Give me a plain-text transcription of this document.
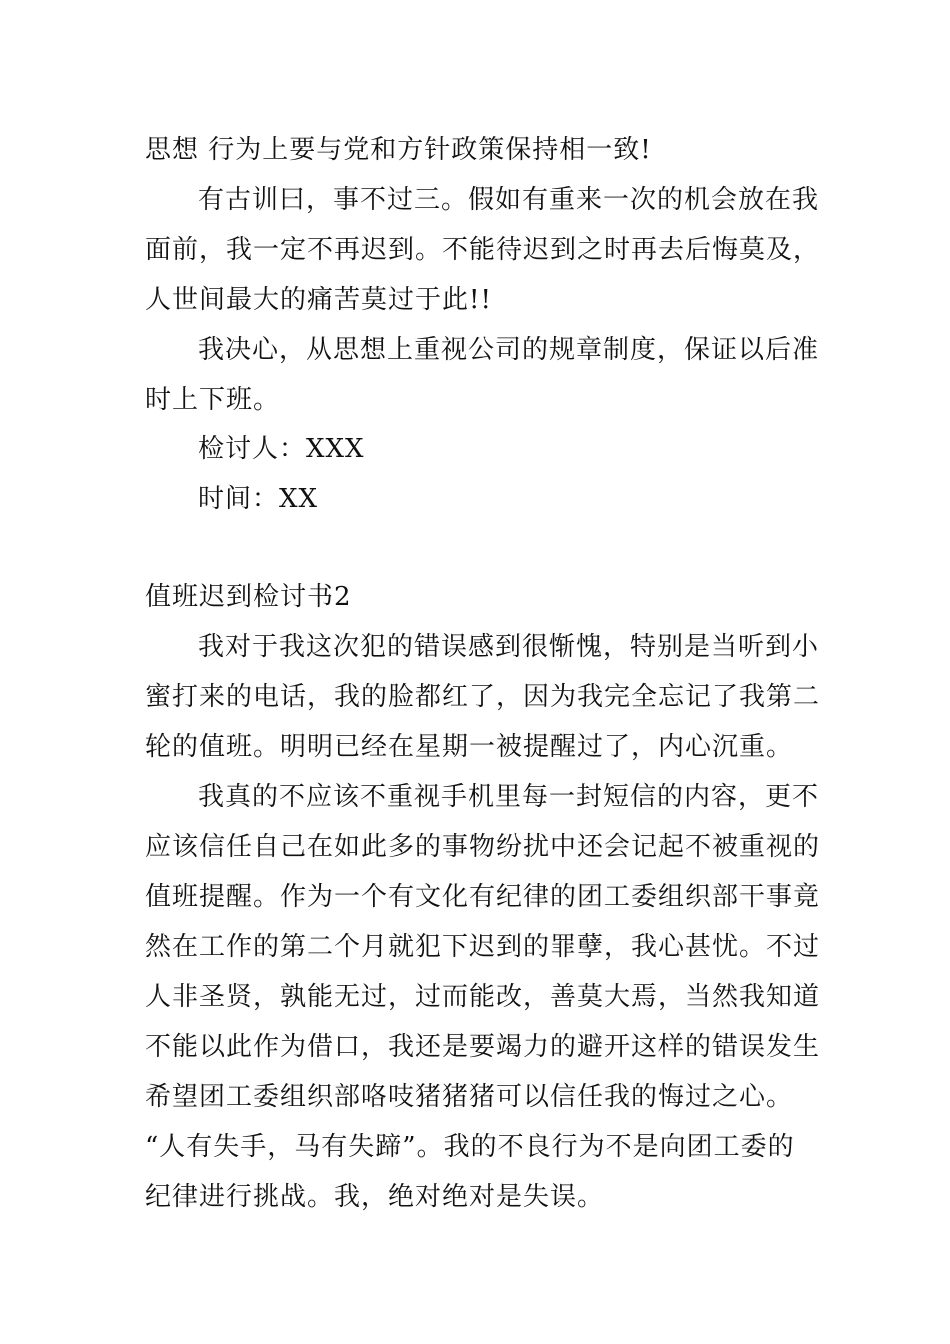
思想 行为上要与党和方针政策保持相一致!
有古训曰，事不过三。假如有重来一次的机会放在我
面前，我一定不再迟到。不能待迟到之时再去后悔莫及，
人世间最大的痛苦莫过于此!!
我决心，从思想上重视公司的规章制度，保证以后准
时上下班。
检讨人：XXX
时间：XX
值班迟到检讨书2
我对于我这次犯的错误感到很惭愧，特别是当听到小
蜜打来的电话，我的脸都红了，因为我完全忘记了我第二
轮的值班。明明已经在星期一被提醒过了，内心沉重。
我真的不应该不重视手机里每一封短信的内容，更不
应该信任自己在如此多的事物纷扰中还会记起不被重视的
值班提醒。作为一个有文化有纪律的团工委组织部干事竟
然在工作的第二个月就犯下迟到的罪孽，我心甚忧。不过
人非圣贤，孰能无过，过而能改，善莫大焉，当然我知道
不能以此作为借口，我还是要竭力的避开这样的错误发生
希望团工委组织部咯吱猪猪猪可以信任我的悔过之心。
“人有失手，马有失蹄”。我的不良行为不是向团工委的
纪律进行挑战。我，绝对绝对是失误。
